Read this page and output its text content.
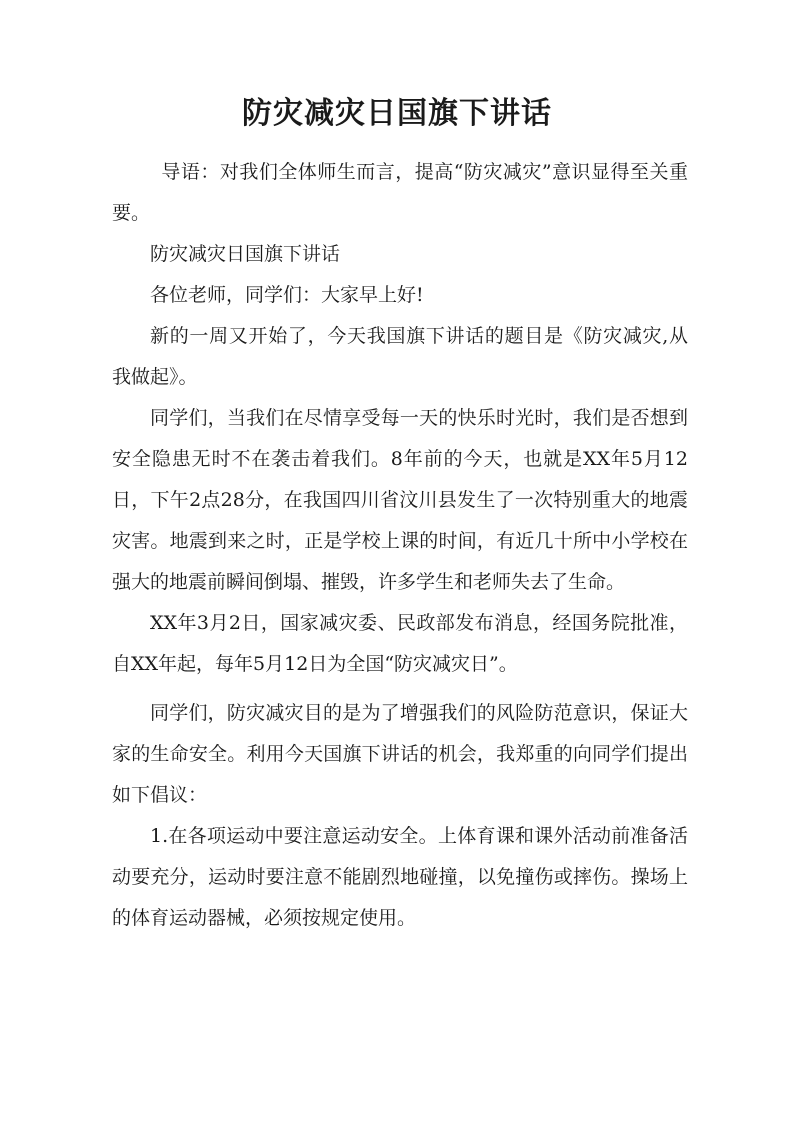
防灾减灾日国旗下讲话

导语：对我们全体师生而言，提高“防灾减灾”意识显得至关重要。

防灾减灾日国旗下讲话

各位老师，同学们：大家早上好!

新的一周又开始了，今天我国旗下讲话的题目是《防灾减灾,从我做起》。

同学们，当我们在尽情享受每一天的快乐时光时，我们是否想到安全隐患无时不在袭击着我们。8年前的今天，也就是XX年5月12日，下午2点28分，在我国四川省汶川县发生了一次特别重大的地震灾害。地震到来之时，正是学校上课的时间，有近几十所中小学校在强大的地震前瞬间倒塌、摧毁，许多学生和老师失去了生命。

XX年3月2日，国家减灾委、民政部发布消息，经国务院批准，自XX年起，每年5月12日为全国“防灾减灾日”。

同学们，防灾减灾目的是为了增强我们的风险防范意识，保证大家的生命安全。利用今天国旗下讲话的机会，我郑重的向同学们提出如下倡议：

1.在各项运动中要注意运动安全。上体育课和课外活动前准备活动要充分，运动时要注意不能剧烈地碰撞，以免撞伤或摔伤。操场上的体育运动器械，必须按规定使用。
